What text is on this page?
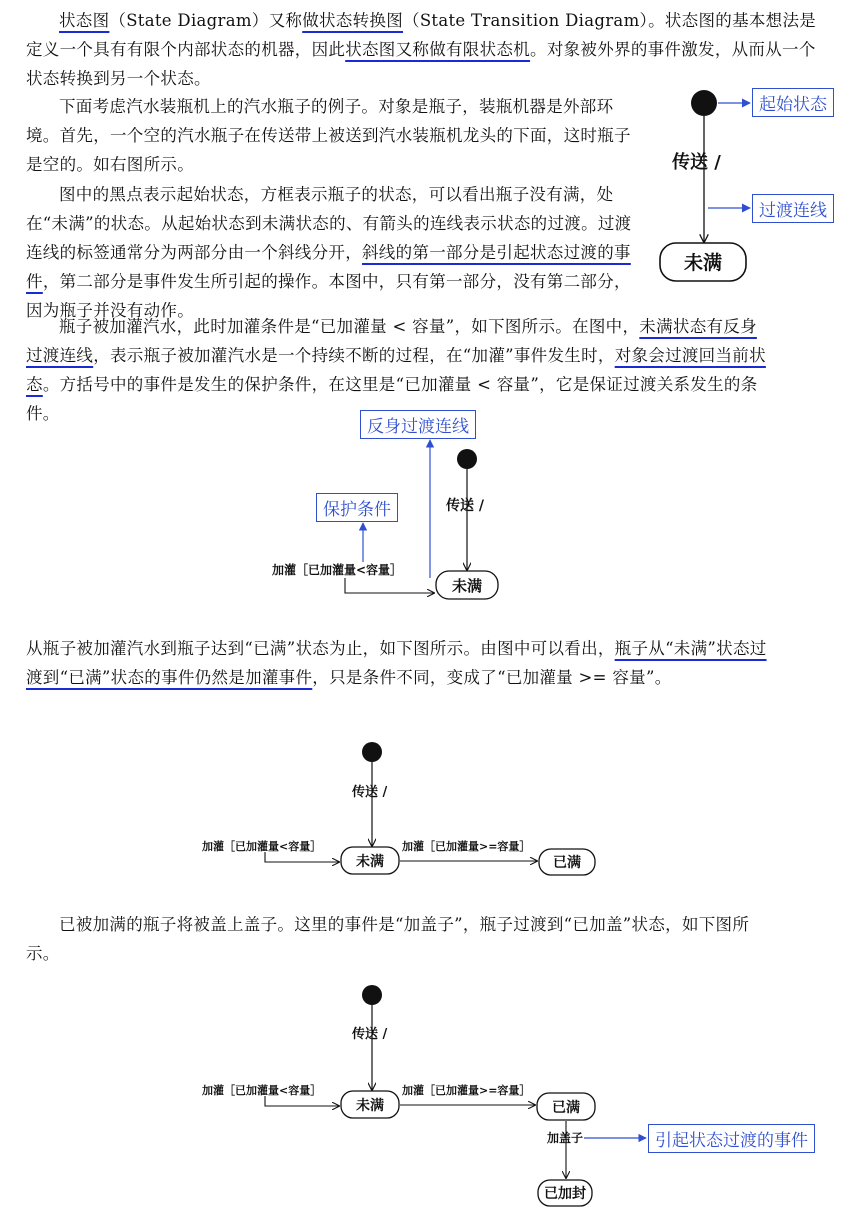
状态图（State Diagram）又称做状态转换图（State Transition Diagram）。状态图的基本想法是定义一个具有有限个内部状态的机器，因此状态图又称做有限状态机。对象被外界的事件激发，从而从一个状态转换到另一个状态。

下面考虑汽水装瓶机上的汽水瓶子的例子。对象是瓶子，装瓶机器是外部环境。首先，一个空的汽水瓶子在传送带上被送到汽水装瓶机龙头的下面，这时瓶子是空的。如右图所示。

图中的黑点表示起始状态，方框表示瓶子的状态，可以看出瓶子没有满，处在“未满”的状态。从起始状态到未满状态的、有箭头的连线表示状态的过渡。过渡连线的标签通常分为两部分由一个斜线分开，斜线的第一部分是引起状态过渡的事件，第二部分是事件发生所引起的操作。本图中，只有第一部分，没有第二部分，因为瓶子并没有动作。

瓶子被加灌汽水，此时加灌条件是“已加灌量 < 容量”，如下图所示。在图中，未满状态有反身过渡连线，表示瓶子被加灌汽水是一个持续不断的过程，在“加灌”事件发生时，对象会过渡回当前状态。方括号中的事件是发生的保护条件，在这里是“已加灌量 < 容量”，它是保证过渡关系发生的条件。

从瓶子被加灌汽水到瓶子达到“已满”状态为止，如下图所示。由图中可以看出，瓶子从“未满”状态过渡到“已满”状态的事件仍然是加灌事件，只是条件不同，变成了“已加灌量 >= 容量”。

已被加满的瓶子将被盖上盖子。这里的事件是“加盖子”，瓶子过渡到“已加盖”状态，如下图所示。

传送 /
未满
传送 /
未满
加灌［已加灌量<容量］
传送 /
未满	已满
加灌［已加灌量<容量］	加灌［已加灌量>=容量］
传送 /
未满	已满
已加封
加灌［已加灌量<容量］	加灌［已加灌量>=容量］
加盖子
起始状态
过渡连线
反身过渡连线
保护条件
引起状态过渡的事件
